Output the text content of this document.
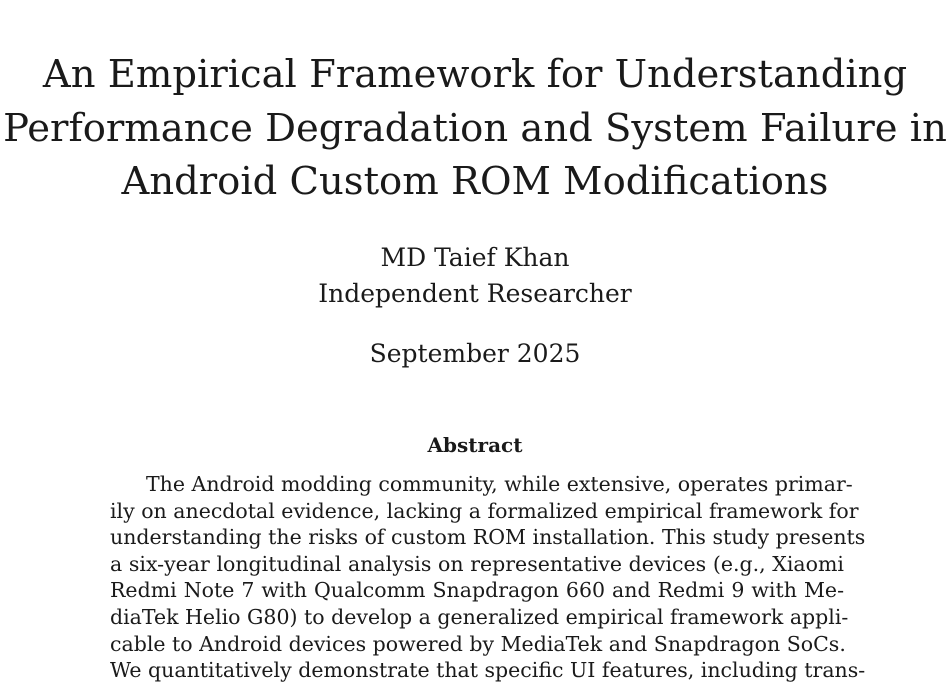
An Empirical Framework for Understanding
Performance Degradation and System Failure in
Android Custom ROM Modifications
MD Taief Khan
Independent Researcher
September 2025
Abstract
The Android modding community, while extensive, operates primar-
ily on anecdotal evidence, lacking a formalized empirical framework for
understanding the risks of custom ROM installation. This study presents
a six-year longitudinal analysis on representative devices (e.g., Xiaomi
Redmi Note 7 with Qualcomm Snapdragon 660 and Redmi 9 with Me-
diaTek Helio G80) to develop a generalized empirical framework appli-
cable to Android devices powered by MediaTek and Snapdragon SoCs.
We quantitatively demonstrate that specific UI features, including trans-
